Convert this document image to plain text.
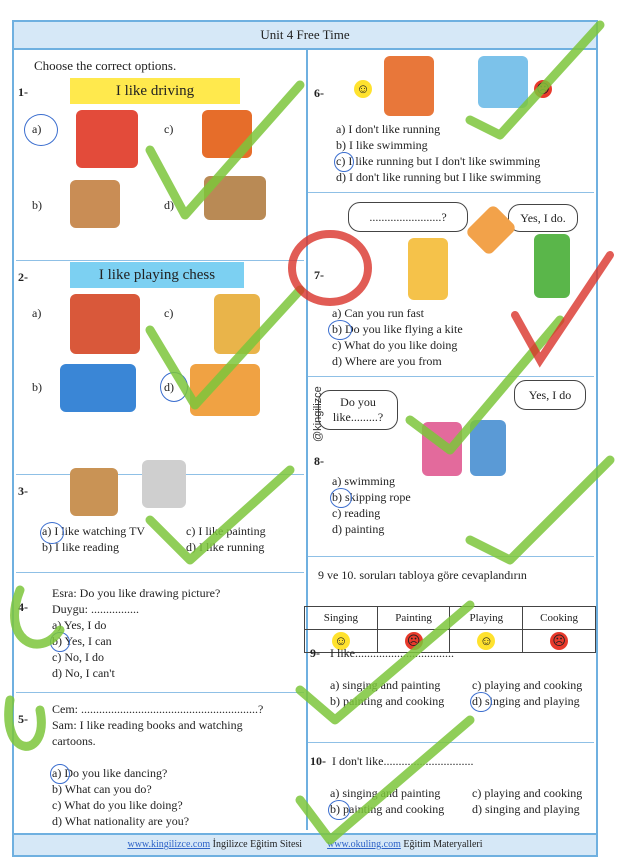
Unit 4 Free Time
Choose the correct options.
1-	I like driving
a)	c)
b)	d)
2-	I like playing chess
a)	c)
b)	d)
3-
a) I like watching TV	c) I like painting
b) I like reading	d) I like running
4-
Esra: Do you like drawing picture?
Duygu: ................
a) Yes, I do
b) Yes, I can
c) No, I do
d) No, I can't
5-
Cem: ...........................................................?
Sam: I like reading books and watching
cartoons.
a) Do you like dancing?
b) What can you do?
c) What do you like doing?
d) What nationality are you?
6- ☺	☹
a) I don't like running
b) I like swimming
c) I like running but I don't like swimming
d) I don't like running but I like swimming
7-
........................?	Yes, I do.
a) Can you run fast
b) Do you like flying a kite
c) What do you like doing
d) Where are you from
8-
Do you like.........?
Yes, I do
a) swimming
b) skipping rope
c) reading
d) painting
@kingilizce
9 ve 10. soruları tabloya göre cevaplandırın
Singing	Painting	Playing	Cooking
☺	☹	☺	☹
9- I like.................................
a) singing and painting	c) playing and cooking
b) painting and cooking d) singing and playing
10- I don't like..............................
a) singing and painting	c) playing and cooking
b) painting and cooking d) singing and playing
www.kingilizce.com İngilizce Eğitim Sitesi	www.okuling.com Eğitim Materyalleri
